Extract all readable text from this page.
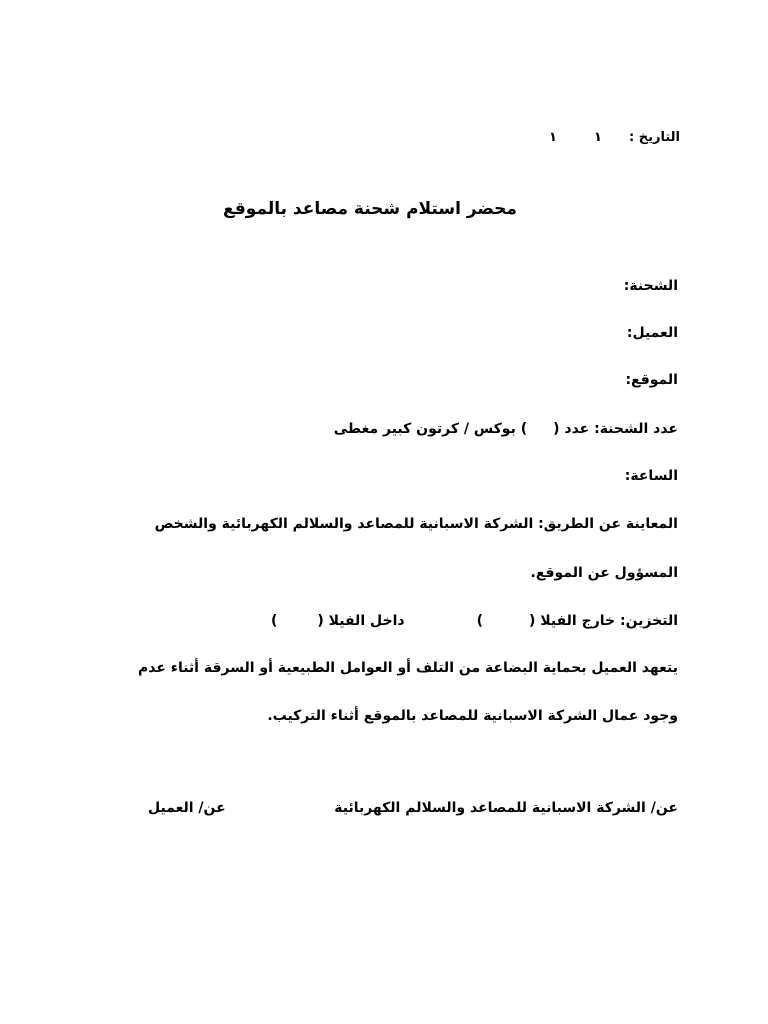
التاريخ :  ١  ١
محضر استلام شحنة مصاعد بالموقع
الشحنة:
العميل:
الموقع:
عدد الشحنة: عدد () بوكس / كرتون كبير مغطى
الساعة:
المعاينة عن الطريق: الشركة الاسبانية للمصاعد والسلالم الكهربائية والشخص
المسؤول عن الموقع.
التخزين: خارج الفيلا ()داخل الفيلا ()
يتعهد العميل بحماية البضاعة من التلف أو العوامل الطبيعية أو السرقة أثناء عدم
وجود عمال الشركة الاسبانية للمصاعد بالموقع أثناء التركيب.
عن/ الشركة الاسبانية للمصاعد والسلالم الكهربائية
عن/ العميل
